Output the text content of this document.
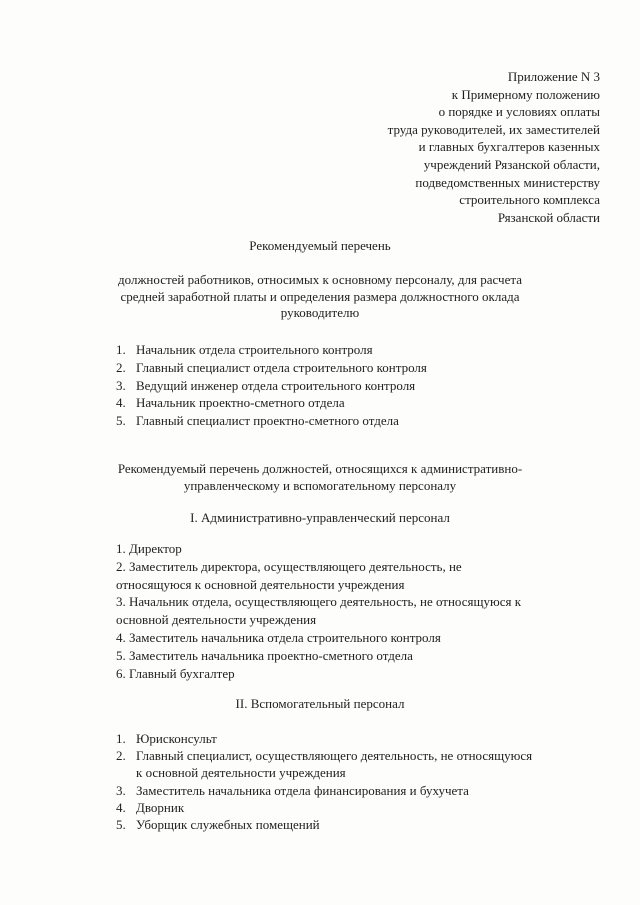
Приложение N 3
к Примерному положению
о порядке и условиях оплаты
труда руководителей, их заместителей
и главных бухгалтеров казенных
учреждений Рязанской области,
подведомственных министерству
строительного комплекса
Рязанской области
Рекомендуемый перечень
должностей работников, относимых к основному персоналу, для расчета
средней заработной платы и определения размера должностного оклада
руководителю
1. Начальник отдела строительного контроля
2. Главный специалист отдела строительного контроля
3. Ведущий инженер отдела строительного контроля
4. Начальник проектно-сметного отдела
5. Главный специалист проектно-сметного отдела
Рекомендуемый перечень должностей, относящихся к административно-
управленческому и вспомогательному персоналу
I. Административно-управленческий персонал
1. Директор
2. Заместитель директора, осуществляющего деятельность, не
относящуюся к основной деятельности учреждения
3. Начальник отдела, осуществляющего деятельность, не относящуюся к
основной деятельности учреждения
4. Заместитель начальника отдела строительного контроля
5. Заместитель начальника проектно-сметного отдела
6. Главный бухгалтер
II. Вспомогательный персонал
1. Юрисконсульт
2. Главный специалист, осуществляющего деятельность, не относящуюся
к основной деятельности учреждения
3. Заместитель начальника отдела финансирования и бухучета
4. Дворник
5. Уборщик служебных помещений
